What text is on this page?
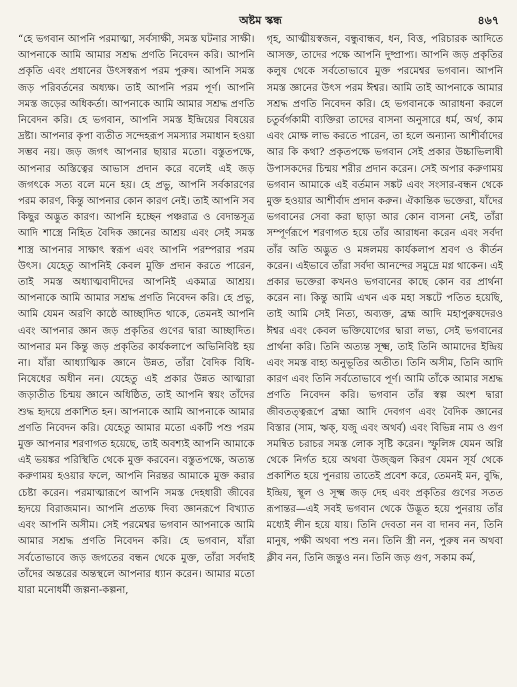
অষ্টম স্কন্ধ	৪৬৭

“হে ভগবান আপনি পরমাত্মা, সর্বসাক্ষী, সমস্ত ঘটনার সাক্ষী। আপনাকে আমি আমার সশ্রদ্ধ প্রণতি নিবেদন করি। আপনি প্রকৃতি এবং প্রধানের উৎসস্বরূপ পরম পুরুষ। আপনি সমস্ত জড় পরিবর্তনের অধ্যক্ষ। তাই আপনি পরম পূর্ণ। আপনি সমস্ত জড়ের অধিকর্তা। আপনাকে আমি আমার সশ্রদ্ধ প্রণতি নিবেদন করি। হে ভগবান, আপনি সমস্ত ইন্দ্রিয়ের বিষয়ের দ্রষ্টা। আপনার কৃপা ব্যতীত সন্দেহরূপ সমস্যার সমাধান হওয়া সম্ভব নয়। জড় জগৎ আপনার ছায়ার মতো। বস্তুতপক্ষে, আপনার অস্তিত্বের আভাস প্রদান করে বলেই এই জড় জগৎকে সত্য বলে মনে হয়। হে প্রভু, আপনি সর্বকারণের পরম কারণ, কিন্তু আপনার কোন কারণ নেই। তাই আপনি সব কিছুর অদ্ভুত কারণ। আপনি হচ্ছেন পঞ্চরাত্র ও বেদান্তসূত্র আদি শাস্ত্রে নিহিত বৈদিক জ্ঞানের আশ্রয় এবং সেই সমস্ত শাস্ত্র আপনার সাক্ষাৎ স্বরূপ এবং আপনি পরম্পরার পরম উৎস। যেহেতু আপনিই কেবল মুক্তি প্রদান করতে পারেন, তাই সমস্ত অধ্যাত্মবাদীদের আপনিই একমাত্র আশ্রয়। আপনাকে আমি আমার সশ্রদ্ধ প্রণতি নিবেদন করি। হে প্রভু, আমি যেমন অরণি কাষ্ঠে আচ্ছাদিত থাকে, তেমনই আপনি এবং আপনার জ্ঞান জড় প্রকৃতির গুণের দ্বারা আচ্ছাদিত। আপনার মন কিন্তু জড় প্রকৃতির কার্যকলাপে অভিনিবিষ্ট হয় না। যাঁরা আধ্যাত্মিক জ্ঞানে উন্নত, তাঁরা বৈদিক বিধি-নিষেধের অধীন নন। যেহেতু এই প্রকার উন্নত আত্মারা জড়াতীত চিন্ময় জ্ঞানে অধিষ্ঠিত, তাই আপনি স্বয়ং তাঁদের শুদ্ধ হৃদয়ে প্রকাশিত হন। আপনাকে আমি আপনাকে আমার প্রণতি নিবেদন করি। যেহেতু আমার মতো একটি পশু পরম মুক্ত আপনার শরণাগত হয়েছে, তাই অবশ্যই আপনি আমাকে এই ভয়ঙ্কর পরিস্থিতি থেকে মুক্ত করবেন। বস্তুতপক্ষে, অত্যন্ত করুণাময় হওয়ার ফলে, আপনি নিরন্তর আমাকে মুক্ত করার চেষ্টা করেন। পরমাত্মারূপে আপনি সমস্ত দেহধারী জীবের হৃদয়ে বিরাজমান। আপনি প্রত্যক্ষ দিব্য জ্ঞানরূপে বিখ্যাত এবং আপনি অসীম। সেই পরমেশ্বর ভগবান আপনাকে আমি আমার সশ্রদ্ধ প্রণতি নিবেদন করি। হে ভগবান, যাঁরা সর্বতোভাবে জড় জগতের বন্ধন থেকে মুক্ত, তাঁরা সর্বদাই তাঁদের অন্তরের অন্তস্থলে আপনার ধ্যান করেন। আমার মতো যারা মনোধর্মী জল্পনা-কল্পনা,

গৃহ, আত্মীয়স্বজন, বন্ধুবান্ধব, ধন, বিত্ত, পরিচারক আদিতে আসক্ত, তাদের পক্ষে আপনি দুষ্প্রাপ্য। আপনি জড় প্রকৃতির কলুষ থেকে সর্বতোভাবে মুক্ত পরমেশ্বর ভগবান। আপনি সমস্ত জ্ঞানের উৎস পরম ঈশ্বর। আমি তাই আপনাকে আমার সশ্রদ্ধ প্রণতি নিবেদন করি। হে ভগবানকে আরাধনা করলে চতুর্বর্গকামী ব্যক্তিরা তাদের বাসনা অনুসারে ধর্ম, অর্থ, কাম এবং মোক্ষ লাভ করতে পারেন, তা হলে অন্যান্য আশীর্বাদের আর কি কথা? প্রকৃতপক্ষে ভগবান সেই প্রকার উচ্চাভিলাষী উপাসকদের চিন্ময় শরীর প্রদান করেন। সেই অপার করুণাময় ভগবান আমাকে এই বর্তমান সঙ্কট এবং সংসার-বন্ধন থেকে মুক্ত হওয়ার আশীর্বাদ প্রদান করুন। ঐকান্তিক ভক্তেরা, যাঁদের ভগবানের সেবা করা ছাড়া আর কোন বাসনা নেই, তাঁরা সম্পূর্ণরূপে শরণাগত হয়ে তাঁর আরাধনা করেন এবং সর্বদা তাঁর অতি অদ্ভুত ও মঙ্গলময় কার্যকলাপ শ্রবণ ও কীর্তন করেন। এইভাবে তাঁরা সর্বদা আনন্দের সমুদ্রে মগ্ন থাকেন। এই প্রকার ভক্তেরা কখনও ভগবানের কাছে কোন বর প্রার্থনা করেন না। কিন্তু আমি এখন এক মহা সঙ্কটে পতিত হয়েছি, তাই আমি সেই নিত্য, অব্যক্ত, ব্রহ্ম আদি মহাপুরুষদেরও ঈশ্বর এবং কেবল ভক্তিযোগের দ্বারা লভ্য, সেই ভগবানের প্রার্থনা করি। তিনি অত্যন্ত সূক্ষ্ম, তাই তিনি আমাদের ইন্দ্রিয় এবং সমস্ত বাহ্য অনুভূতির অতীত। তিনি অসীম, তিনি আদি কারণ এবং তিনি সর্বতোভাবে পূর্ণ। আমি তাঁকে আমার সশ্রদ্ধ প্রণতি নিবেদন করি। ভগবান তাঁর স্বল্প অংশ দ্বারা জীবতত্ত্বরূপে ব্রহ্মা আদি দেবগণ এবং বৈদিক জ্ঞানের বিস্তার (সাম, ঋক্, যজু এবং অথর্ব) এবং বিভিন্ন নাম ও গুণ সমন্বিত চরাচর সমস্ত লোক সৃষ্টি করেন। স্ফুলিঙ্গ যেমন অগ্নি থেকে নির্গত হয়ে অথবা উজ্জ্বল কিরণ যেমন সূর্য থেকে প্রকাশিত হয়ে পুনরায় তাতেই প্রবেশ করে, তেমনই মন, বুদ্ধি, ইন্দ্রিয়, স্থূল ও সূক্ষ্ম জড় দেহ এবং প্রকৃতির গুণের সতত রূপান্তর—এই সবই ভগবান থেকে উদ্ভূত হয়ে পুনরায় তাঁর মধ্যেই লীন হয়ে যায়। তিনি দেবতা নন বা দানব নন, তিনি মানুষ, পক্ষী অথবা পশু নন। তিনি স্ত্রী নন, পুরুষ নন অথবা ক্লীব নন, তিনি জন্তুও নন। তিনি জড় গুণ, সকাম কর্ম,
